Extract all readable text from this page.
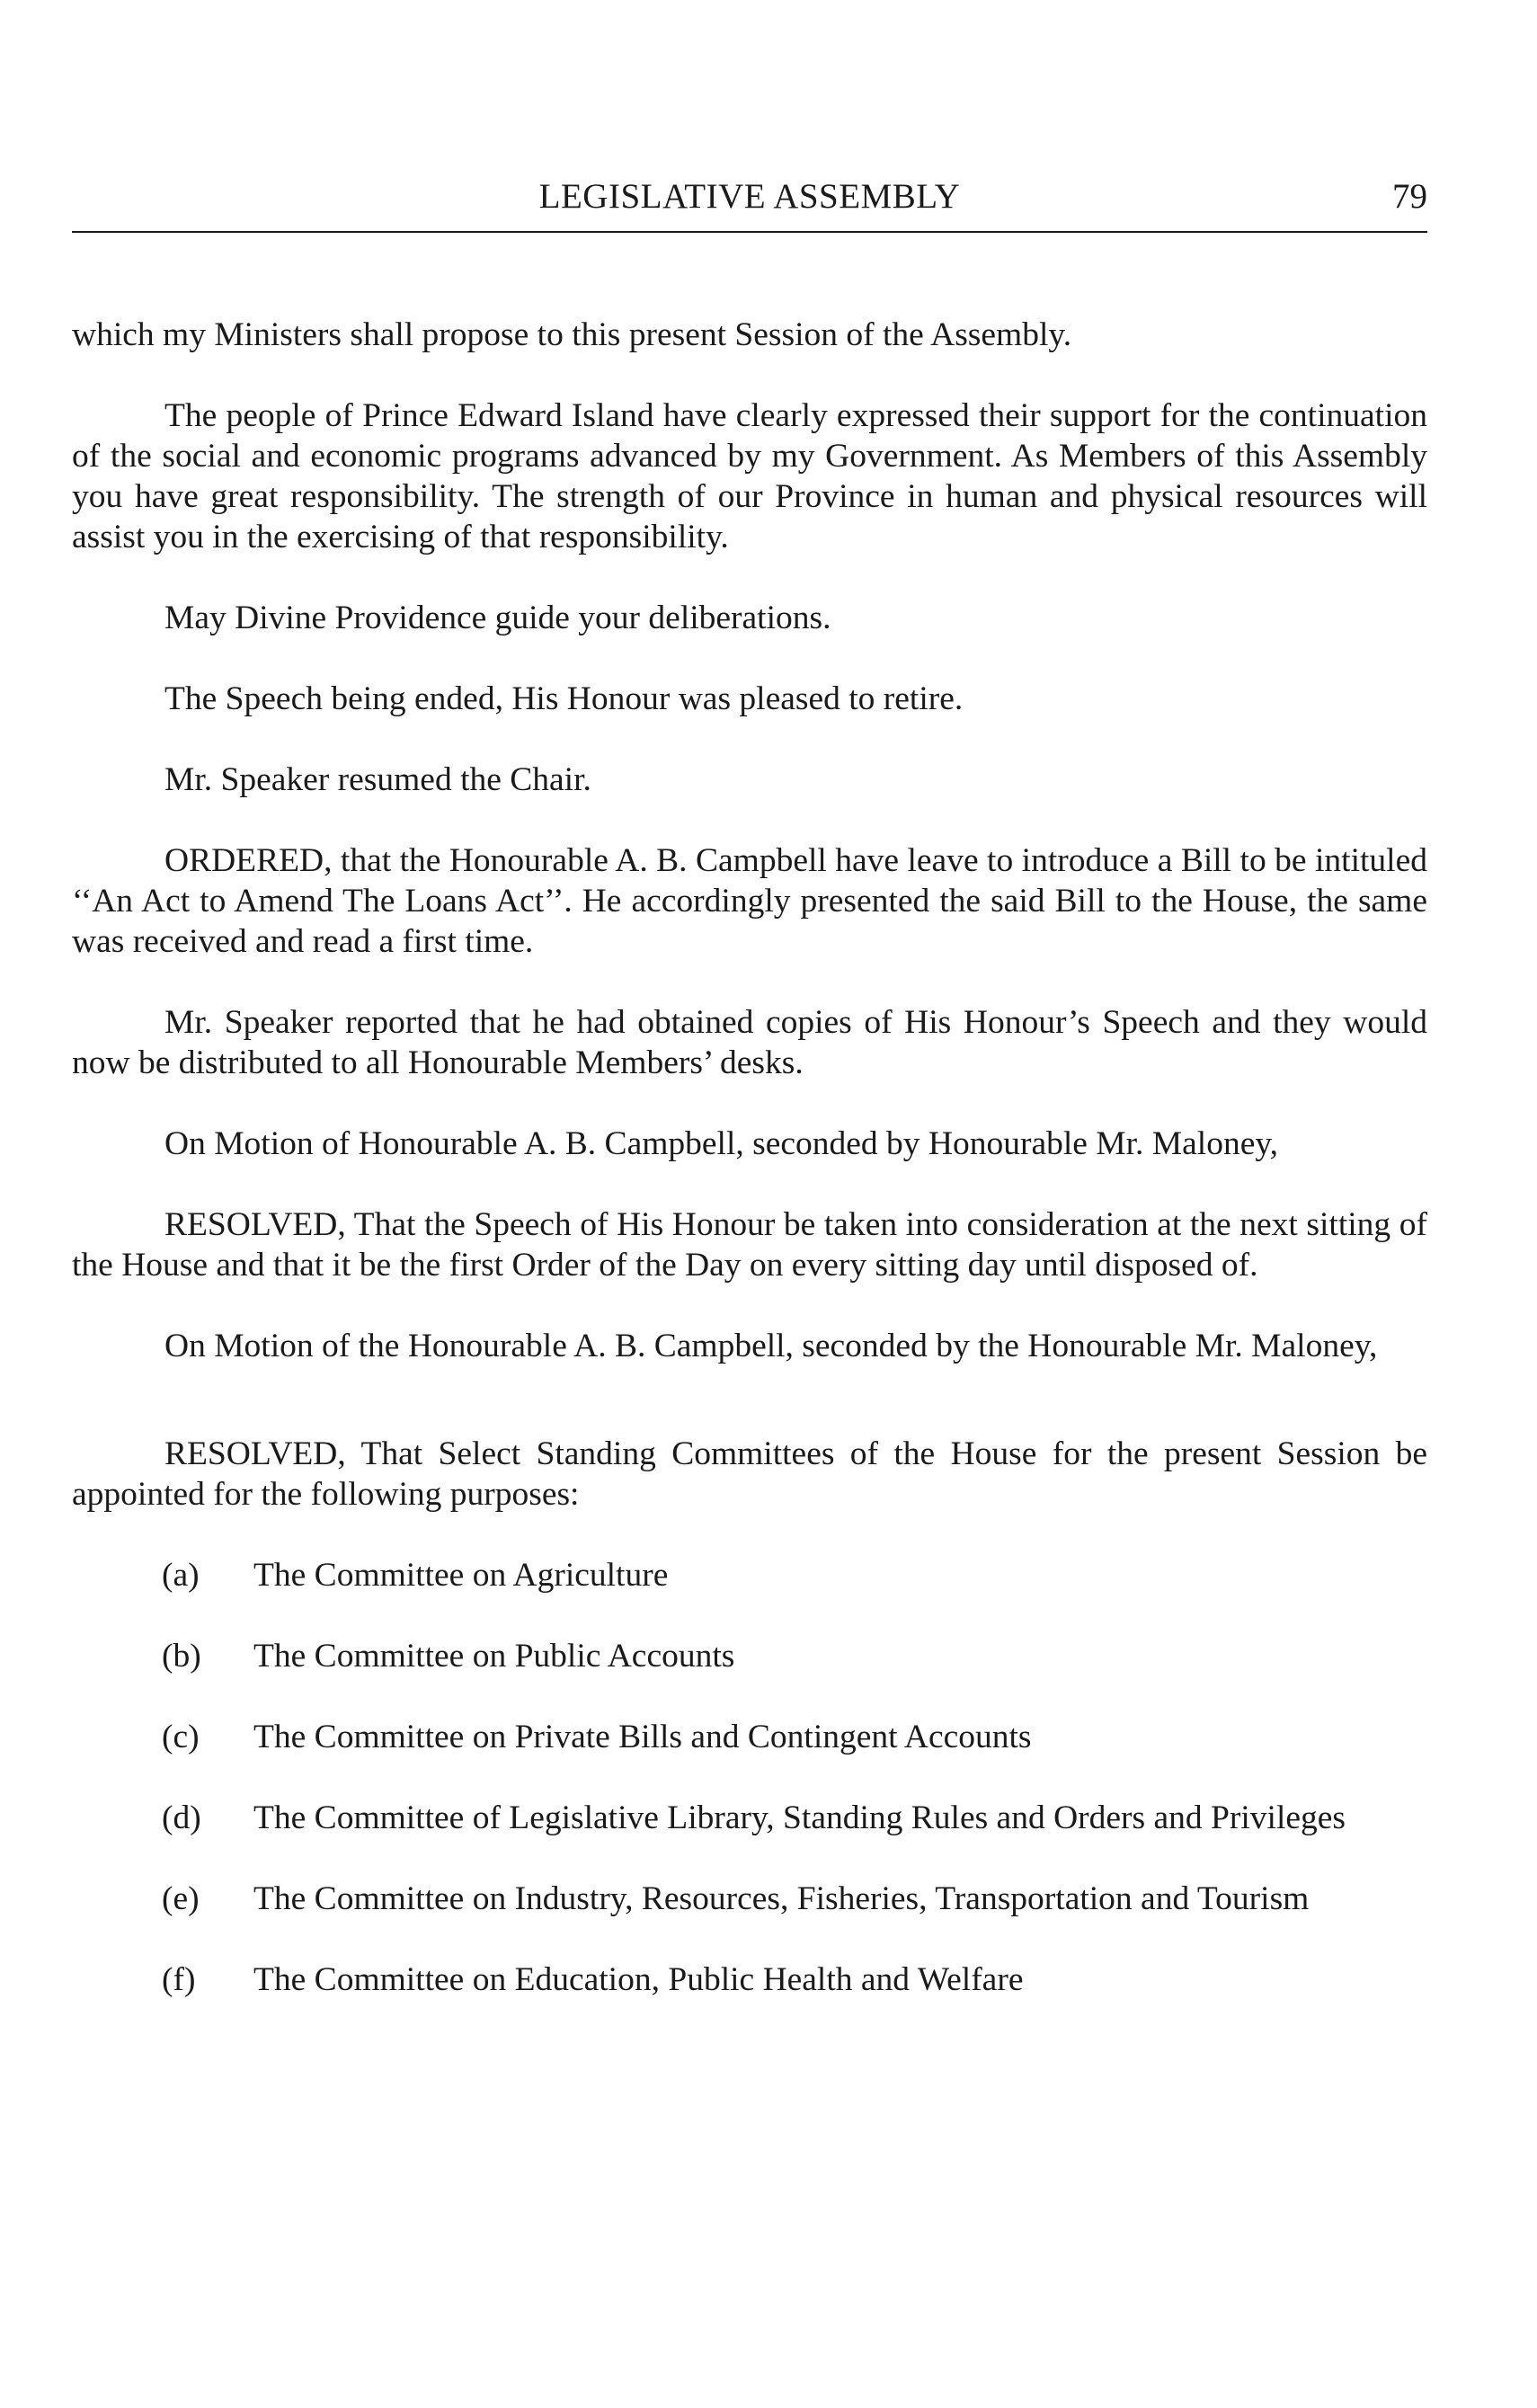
LEGISLATIVE ASSEMBLY	79

which my Ministers shall propose to this present Session of the Assembly.

The people of Prince Edward Island have clearly expressed their support for the continuation of the social and economic programs advanced by my Government. As Members of this Assembly you have great responsibility. The strength of our Province in human and physical resources will assist you in the exercising of that responsibility.

May Divine Providence guide your deliberations.

The Speech being ended, His Honour was pleased to retire.

Mr. Speaker resumed the Chair.

ORDERED, that the Honourable A. B. Campbell have leave to introduce a Bill to be intituled ‘‘An Act to Amend The Loans Act’’. He accordingly presented the said Bill to the House, the same was received and read a first time.

Mr. Speaker reported that he had obtained copies of His Honour’s Speech and they would now be distributed to all Honourable Members’ desks.

On Motion of Honourable A. B. Campbell, seconded by Honourable Mr. Maloney,

RESOLVED, That the Speech of His Honour be taken into consideration at the next sitting of the House and that it be the first Order of the Day on every sitting day until disposed of.

On Motion of the Honourable A. B. Campbell, seconded by the Honourable Mr. Maloney,

RESOLVED, That Select Standing Committees of the House for the present Session be appointed for the following purposes:

(a)	The Committee on Agriculture
(b)	The Committee on Public Accounts
(c)	The Committee on Private Bills and Contingent Accounts
(d)	The Committee of Legislative Library, Standing Rules and Orders and Privileges
(e)	The Committee on Industry, Resources, Fisheries, Transportation and Tourism
(f)	The Committee on Education, Public Health and Welfare
